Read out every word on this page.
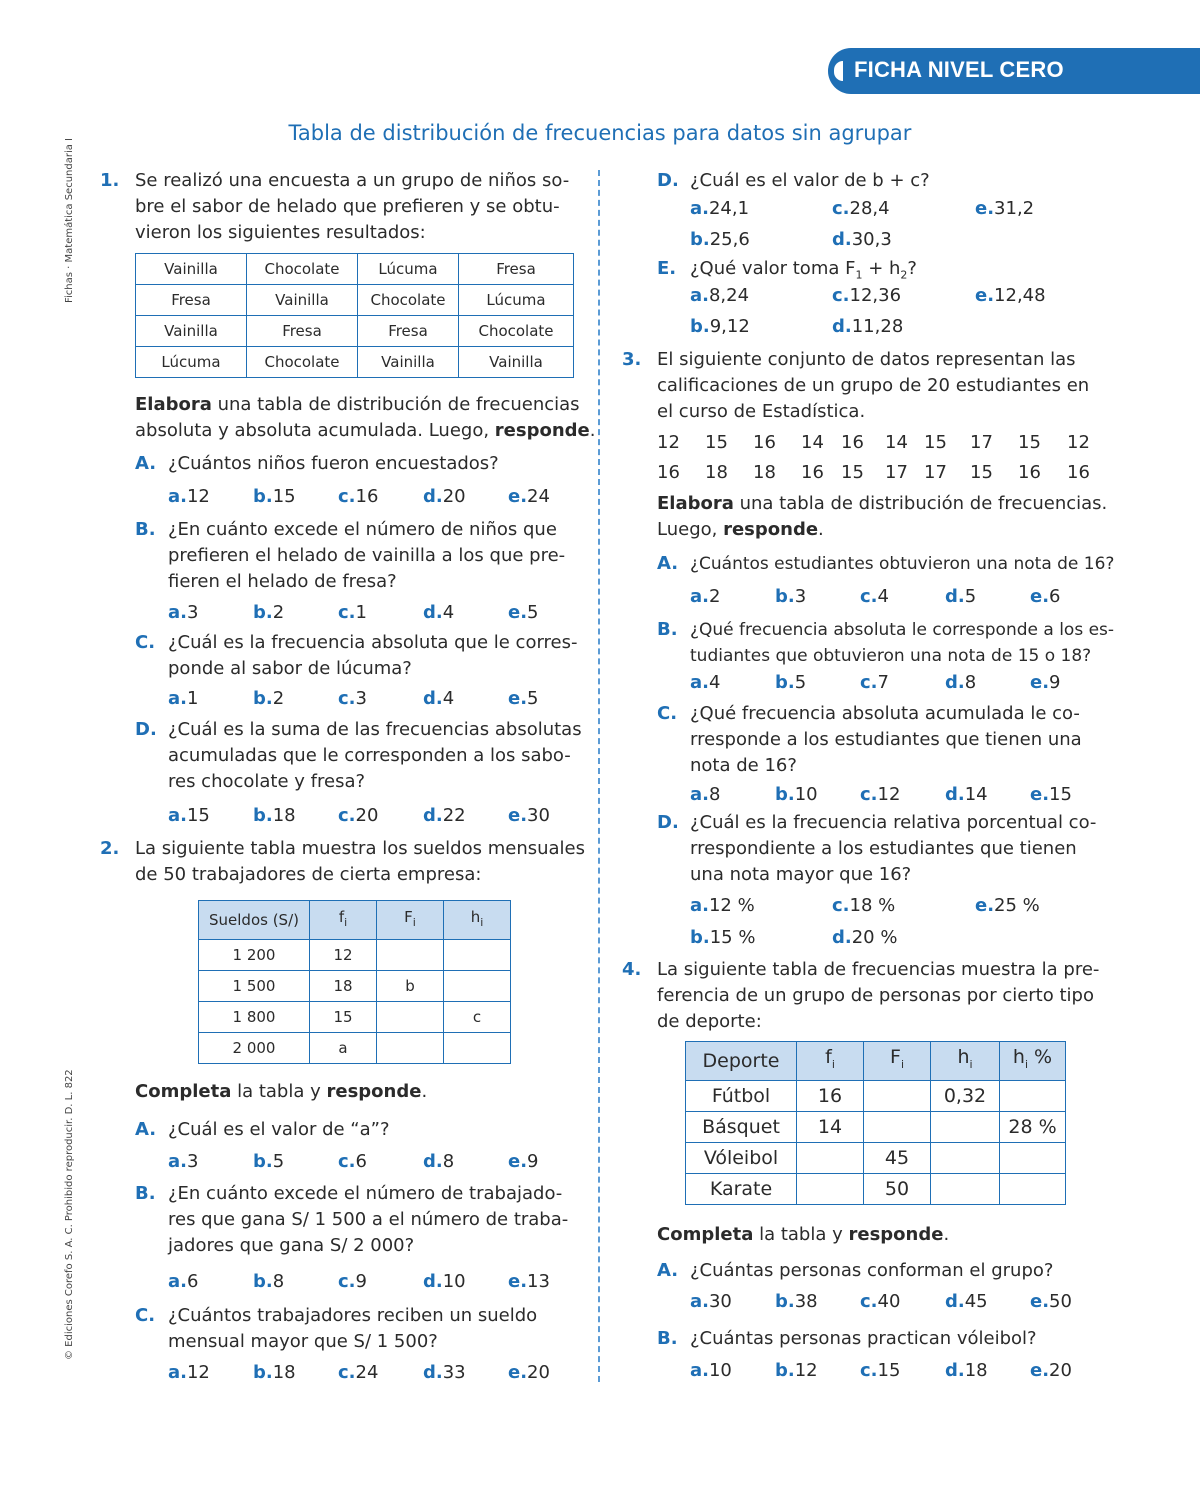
FICHA NIVEL CERO
Fichas · Matemática Secundaria I
© Ediciones Corefo S. A. C. Prohibido reproducir. D. L. 822
Tabla de distribución de frecuencias para datos sin agrupar
1. Se realizó una encuesta a un grupo de niños so-
bre el sabor de helado que prefieren y se obtu-
vieron los siguientes resultados:
Vainilla	Chocolate	Lúcuma	Fresa
Fresa	Vainilla	Chocolate	Lúcuma
Vainilla	Fresa	Fresa	Chocolate
Lúcuma	Chocolate	Vainilla	Vainilla
Elabora una tabla de distribución de frecuencias
absoluta y absoluta acumulada. Luego, responde.
A. ¿Cuántos niños fueron encuestados?
a. 12 b. 15 c. 16 d. 20 e. 24
B. ¿En cuánto excede el número de niños que
prefieren el helado de vainilla a los que pre-
fieren el helado de fresa?
a. 3	b. 2	c. 1	d. 4	e. 5
C. ¿Cuál es la frecuencia absoluta que le corres-
ponde al sabor de lúcuma?
a. 1	b. 2	c. 3	d. 4	e. 5
D. ¿Cuál es la suma de las frecuencias absolutas
acumuladas que le corresponden a los sabo-
res chocolate y fresa?
a. 15 b. 18 c. 20 d. 22 e. 30
2. La siguiente tabla muestra los sueldos mensuales
de 50 trabajadores de cierta empresa:
Sueldos (S/)	$f_i$	$F_i$	$h_i$
1 200	12		
1 500	18	b	
1 800	15		c
2 000	a		
Completa la tabla y responde.
A. ¿Cuál es el valor de “a”?
a. 3	b. 5	c. 6	d. 8	e. 9
B. ¿En cuánto excede el número de trabajado-
res que gana S/ 1 500 a el número de traba-
jadores que gana S/ 2 000?
a. 6	b. 8	c. 9	d. 10 e. 13
C. ¿Cuántos trabajadores reciben un sueldo
mensual mayor que S/ 1 500?
a. 12 b. 18 c. 24 d. 33 e. 20
D. ¿Cuál es el valor de b + c?
a. 24,1	c. 28,4	e. 31,2
b. 25,6	d. 30,3
E. ¿Qué valor toma $F_1 + h_2$?
a. 8,24	c. 12,36	e. 12,48
b. 9,12	d. 11,28
3. El siguiente conjunto de datos representan las
calificaciones de un grupo de 20 estudiantes en
el curso de Estadística.
12 15 16 14 16 14 15 17 15 12
16 18 18 16 15 17 17 15 16 16
Elabora una tabla de distribución de frecuencias.
Luego, responde.
A. ¿Cuántos estudiantes obtuvieron una nota de 16?
a. 2	b. 3	c. 4	d. 5	e. 6
B. ¿Qué frecuencia absoluta le corresponde a los es-
tudiantes que obtuvieron una nota de 15 o 18?
a. 4	b. 5	c. 7	d. 8	e. 9
C. ¿Qué frecuencia absoluta acumulada le co-
rresponde a los estudiantes que tienen una
nota de 16?
a. 8	b. 10 c. 12 d. 14 e. 15
D. ¿Cuál es la frecuencia relativa porcentual co-
rrespondiente a los estudiantes que tienen
una nota mayor que 16?
a. 12 %	c. 18 %	e. 25 %
b. 15 %	d. 20 %
4. La siguiente tabla de frecuencias muestra la pre-
ferencia de un grupo de personas por cierto tipo
de deporte:
Deporte	$f_i$	$F_i$	$h_i$	$h_i$ %
Fútbol	16		0,32	
Básquet	14			28 %
Vóleibol		45		
Karate		50		
Completa la tabla y responde.
A. ¿Cuántas personas conforman el grupo?
a. 30 b. 38 c. 40 d. 45 e. 50
B. ¿Cuántas personas practican vóleibol?
a. 10 b. 12 c. 15 d. 18 e. 20
